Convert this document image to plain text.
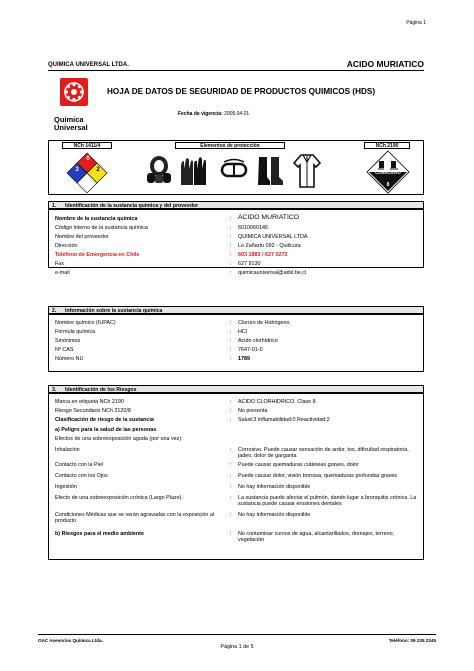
Página 1
QUIMICA UNIVERSAL LTDA.	ACIDO MURIATICO
Química
Universal
HOJA DE DATOS DE SEGURIDAD DE PRODUCTOS QUIMICOS (HDS)
Fecha de vigencia: 2005.04.01
NCh 1411/4	Elementos de protección	NCh 2190
0
3	2	CORROSIVO
8
1. Identificación de la sustancia química y del proveedor
Nombre de la sustancia química	: ACIDO MURIATICO
Código interno de la sustancia química	: 6010060145
Nombre del proveedor	: QUIMICA UNIVERSAL LTDA.
Dirección	: Lo Zañartu 092 - Quilicura
Teléfono de Emergencia en Chile	: 603 1883 / 627 0272
Fax	: 627 9130
e-mail	: quimicauniversal@adsl.tie.cl
2. Información sobre la sustancia química
Nombre químico (IUPAC)	: Cloruro de Hidrógeno
Fórmula química	: HCl
Sinónimos	: Acido clorhídrico
Nº CAS	: 7647-01-0
Número NU	: 1789
3. Identificación de los Riesgos
Marca en etiqueta NCh 2190	: ACIDO CLORHIDRICO. Clase 8
Riesgo Secundario NCh 2120/8	: No presenta
Clasificación de riesgo de la sustancia	: Salud:3 Inflamabilidad:0 Reactividad:2
a) Peligro para la salud de las personas
Efectos de una sobreexposición aguda (por una vez)
Inhalación	: Corrosivo. Puede causar sensación de ardor, tos, dificultad respiratoria, jadeo, dolor de garganta
Contacto con la Piel	: Puede causar quemaduras cutáneas graves, dolor
Contacto con los Ojos	: Puede causar dolor, visión borrosa, quemaduras profundas graves
Ingestión	: No hay información disponible
Efecto de una sobreexposición crónica (Largo Plazo)	: La sustancia puede afectar el pulmón, dando lugar a bronquitis crónica. La sustancia puede causar erosiones dentales
Condiciones Médicas que se verán agravadas con la exposición al producto
: No hay información disponible
b) Riesgos para el medio ambiente	: No contaminar cursos de agua, alcantarillados, drenajes, terreno, vegetación
OAC Asesorías Química Ltda.	Teléfono: 09 235 2245
Página 1 de 5
